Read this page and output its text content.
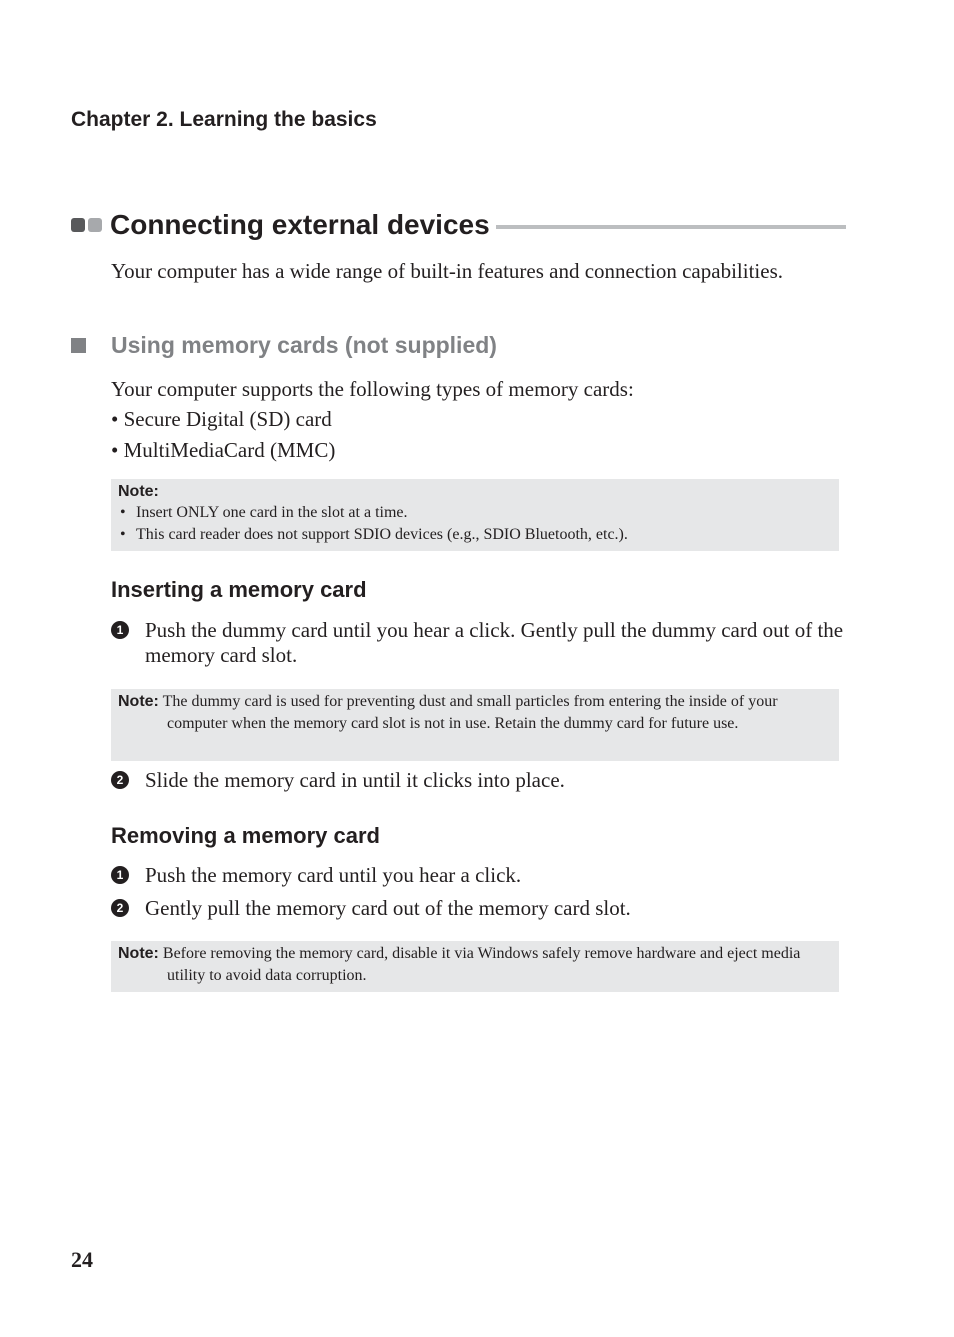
Chapter 2. Learning the basics
Connecting external devices
Your computer has a wide range of built-in features and connection capabilities.
Using memory cards (not supplied)
Your computer supports the following types of memory cards:
• Secure Digital (SD) card
• MultiMediaCard (MMC)
Note:
• Insert ONLY one card in the slot at a time.
• This card reader does not support SDIO devices (e.g., SDIO Bluetooth, etc.).
Inserting a memory card
1 Push the dummy card until you hear a click. Gently pull the dummy card out of the memory card slot.
Note: The dummy card is used for preventing dust and small particles from entering the inside of your computer when the memory card slot is not in use. Retain the dummy card for future use.
2 Slide the memory card in until it clicks into place.
Removing a memory card
1 Push the memory card until you hear a click.
2 Gently pull the memory card out of the memory card slot.
Note: Before removing the memory card, disable it via Windows safely remove hardware and eject media utility to avoid data corruption.
24
